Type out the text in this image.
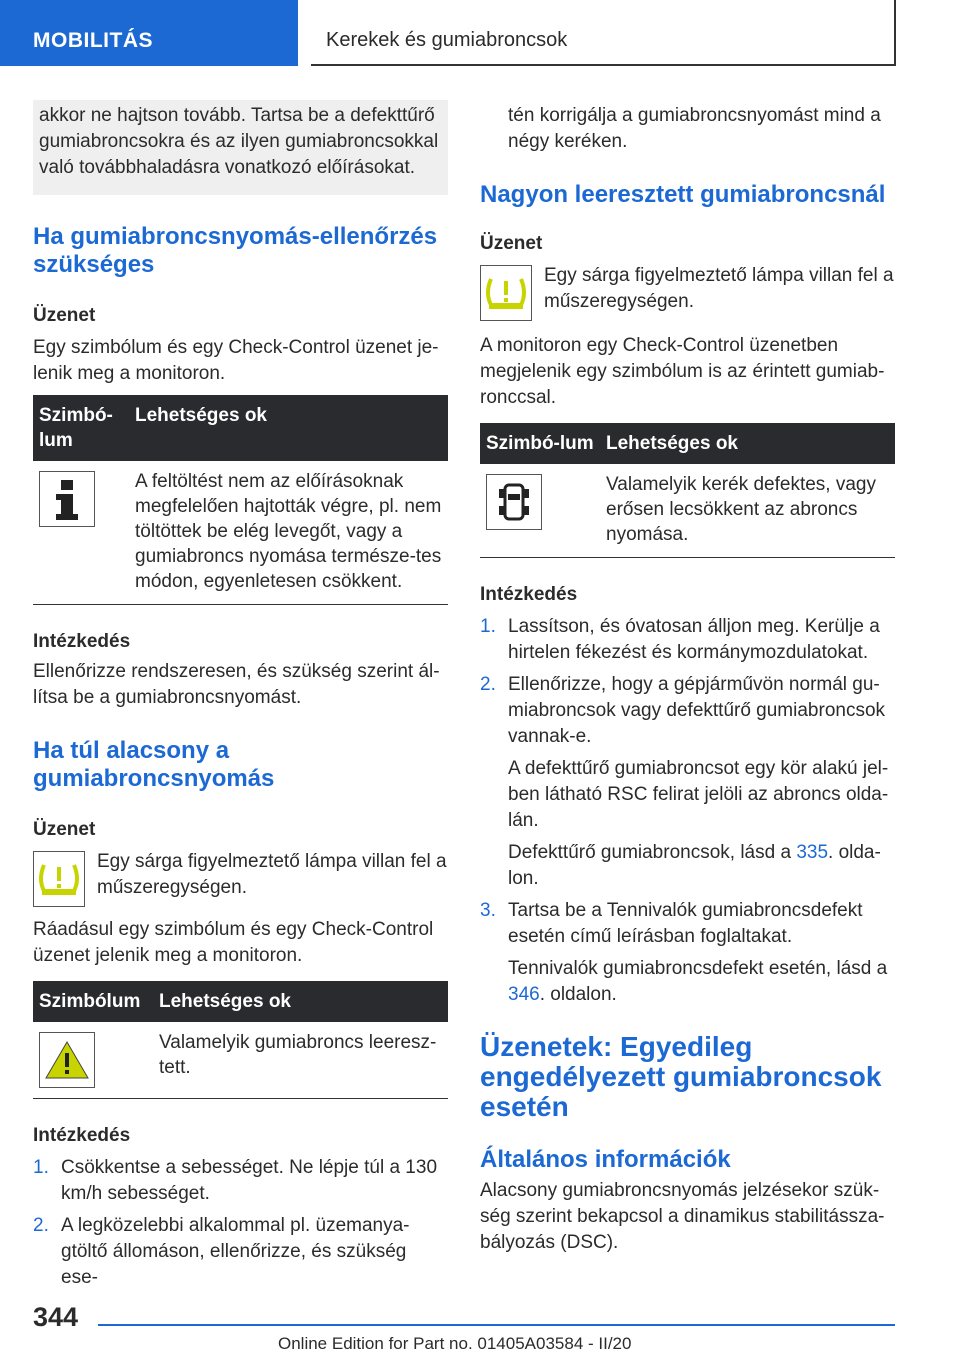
MOBILITÁS	Kerekek és gumiabroncsok

akkor ne hajtson tovább. Tartsa be a defekttűrő gumiabroncsokra és az ilyen gumiabroncsokkal való továbbhaladásra vonatkozó előírásokat.

Ha gumiabroncsnyomás-ellenőrzés szükséges
Üzenet

Egy szimbólum és egy Check-Control üzenet je-lenik meg a monitoron.

Szimbó-lum	Lehetséges ok

	A feltöltést nem az előírásoknak megfelelően hajtották végre, pl. nem töltöttek be elég levegőt, vagy a gumiabroncs nyomása természe-tes módon, egyenletesen csökkent.
Intézkedés

Ellenőrizze rendszeresen, és szükség szerint ál-lítsa be a gumiabroncsnyomást.

Ha túl alacsony a gumiabroncsnyomás
Üzenet

Egy sárga figyelmeztető lámpa villan fel a műszeregységen.

Ráadásul egy szimbólum és egy Check-Control üzenet jelenik meg a monitoron.

Szimbólum	Lehetséges ok

	Valamelyik gumiabroncs leeresz-tett.
Intézkedés
1. Csökkentse a sebességet. Ne lépje túl a 130 km/h sebességet.
2. A legközelebbi alkalommal pl. üzemanya-gtöltő állomáson, ellenőrizze, és szükség ese-

tén korrigálja a gumiabroncsnyomást mind a négy keréken.

Nagyon leeresztett gumiabroncsnál
Üzenet

Egy sárga figyelmeztető lámpa villan fel a műszeregységen.

A monitoron egy Check-Control üzenetben megjelenik egy szimbólum is az érintett gumiab-ronccsal.

Szimbó-lum	Lehetséges ok

	Valamelyik kerék defektes, vagy erősen lecsökkent az abroncs nyomása.
Intézkedés
1. Lassítson, és óvatosan álljon meg. Kerülje a hirtelen fékezést és kormánymozdulatokat.
2. Ellenőrizze, hogy a gépjárművön normál gu-miabroncsok vagy defekttűrő gumiabroncsok vannak-e.

A defekttűrő gumiabroncsot egy kör alakú jel-ben látható RSC felirat jelöli az abroncs olda-lán.

Defekttűrő gumiabroncsok, lásd a 335. olda-lon.

3. Tartsa be a Tennivalók gumiabroncsdefekt esetén című leírásban foglaltakat.

Tennivalók gumiabroncsdefekt esetén, lásd a 346. oldalon.

Üzenetek: Egyedileg engedélyezett gumiabroncsok esetén
Általános információk

Alacsony gumiabroncsnyomás jelzésekor szük-ség szerint bekapcsol a dinamikus stabilitássza-bályozás (DSC).

344
Online Edition for Part no. 01405A03584 - II/20
